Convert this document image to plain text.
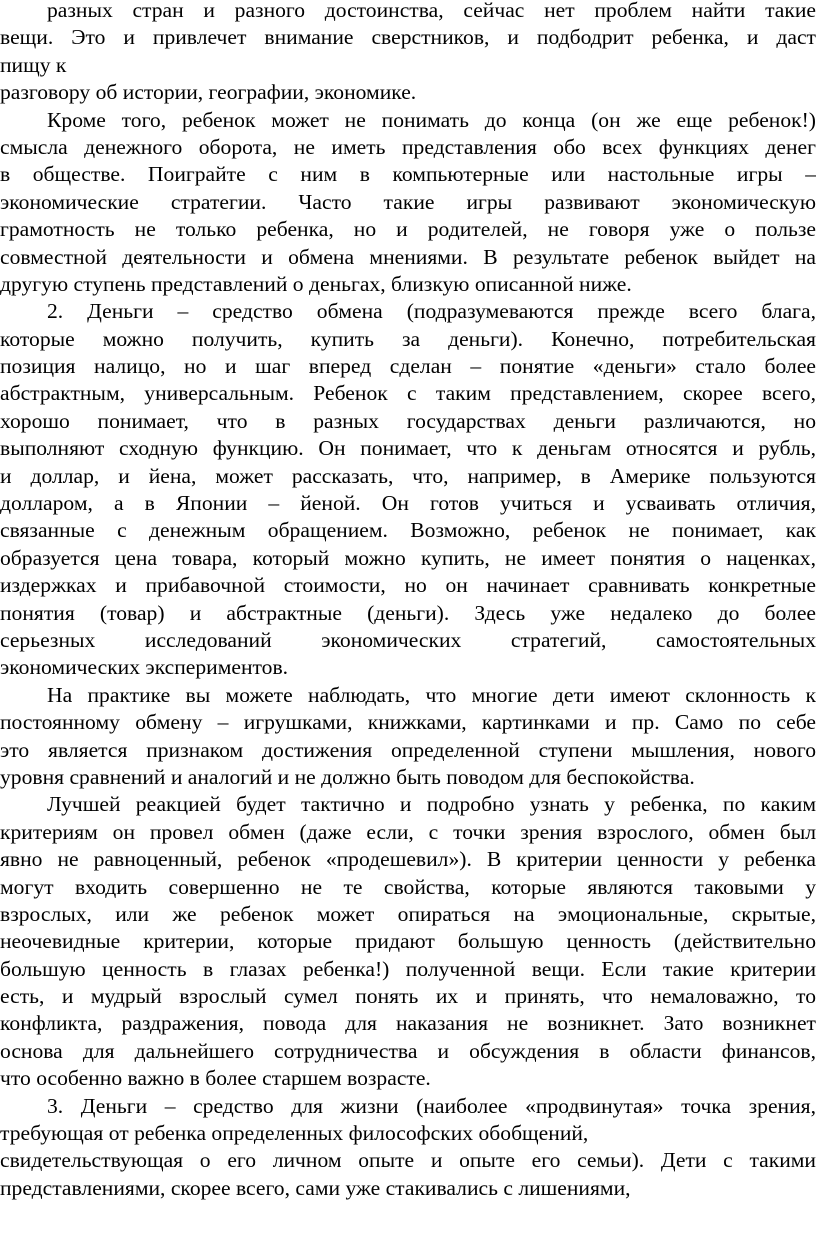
разных стран и разного достоинства, сейчас нет проблем найти такие
вещи. Это и привлечет внимание сверстников, и подбодрит ребенка, и даст
пищу к
разговору об истории, географии, экономике.
Кроме того, ребенок может не понимать до конца (он же еще ребенок!)
смысла денежного оборота, не иметь представления обо всех функциях денег
в обществе. Поиграйте с ним в компьютерные или настольные игры –
экономические стратегии. Часто такие игры развивают экономическую
грамотность не только ребенка, но и родителей, не говоря уже о пользе
совместной деятельности и обмена мнениями. В результате ребенок выйдет на
другую ступень представлений о деньгах, близкую описанной ниже.
2. Деньги – средство обмена (подразумеваются прежде всего блага,
которые можно получить, купить за деньги). Конечно, потребительская
позиция налицо, но и шаг вперед сделан – понятие «деньги» стало более
абстрактным, универсальным. Ребенок с таким представлением, скорее всего,
хорошо понимает, что в разных государствах деньги различаются, но
выполняют сходную функцию. Он понимает, что к деньгам относятся и рубль,
и доллар, и йена, может рассказать, что, например, в Америке пользуются
долларом, а в Японии – йеной. Он готов учиться и усваивать отличия,
связанные с денежным обращением. Возможно, ребенок не понимает, как
образуется цена товара, который можно купить, не имеет понятия о наценках,
издержках и прибавочной стоимости, но он начинает сравнивать конкретные
понятия (товар) и абстрактные (деньги). Здесь уже недалеко до более
серьезных исследований экономических стратегий, самостоятельных
экономических экспериментов.
На практике вы можете наблюдать, что многие дети имеют склонность к
постоянному обмену – игрушками, книжками, картинками и пр. Само по себе
это является признаком достижения определенной ступени мышления, нового
уровня сравнений и аналогий и не должно быть поводом для беспокойства.
Лучшей реакцией будет тактично и подробно узнать у ребенка, по каким
критериям он провел обмен (даже если, с точки зрения взрослого, обмен был
явно не равноценный, ребенок «продешевил»). В критерии ценности у ребенка
могут входить совершенно не те свойства, которые являются таковыми у
взрослых, или же ребенок может опираться на эмоциональные, скрытые,
неочевидные критерии, которые придают большую ценность (действительно
большую ценность в глазах ребенка!) полученной вещи. Если такие критерии
есть, и мудрый взрослый сумел понять их и принять, что немаловажно, то
конфликта, раздражения, повода для наказания не возникнет. Зато возникнет
основа для дальнейшего сотрудничества и обсуждения в области финансов,
что особенно важно в более старшем возрасте.
3. Деньги – средство для жизни (наиболее «продвинутая» точка зрения,
требующая от ребенка определенных философских обобщений,
свидетельствующая о его личном опыте и опыте его семьи). Дети с такими
представлениями, скорее всего, сами уже стакивались с лишениями,
